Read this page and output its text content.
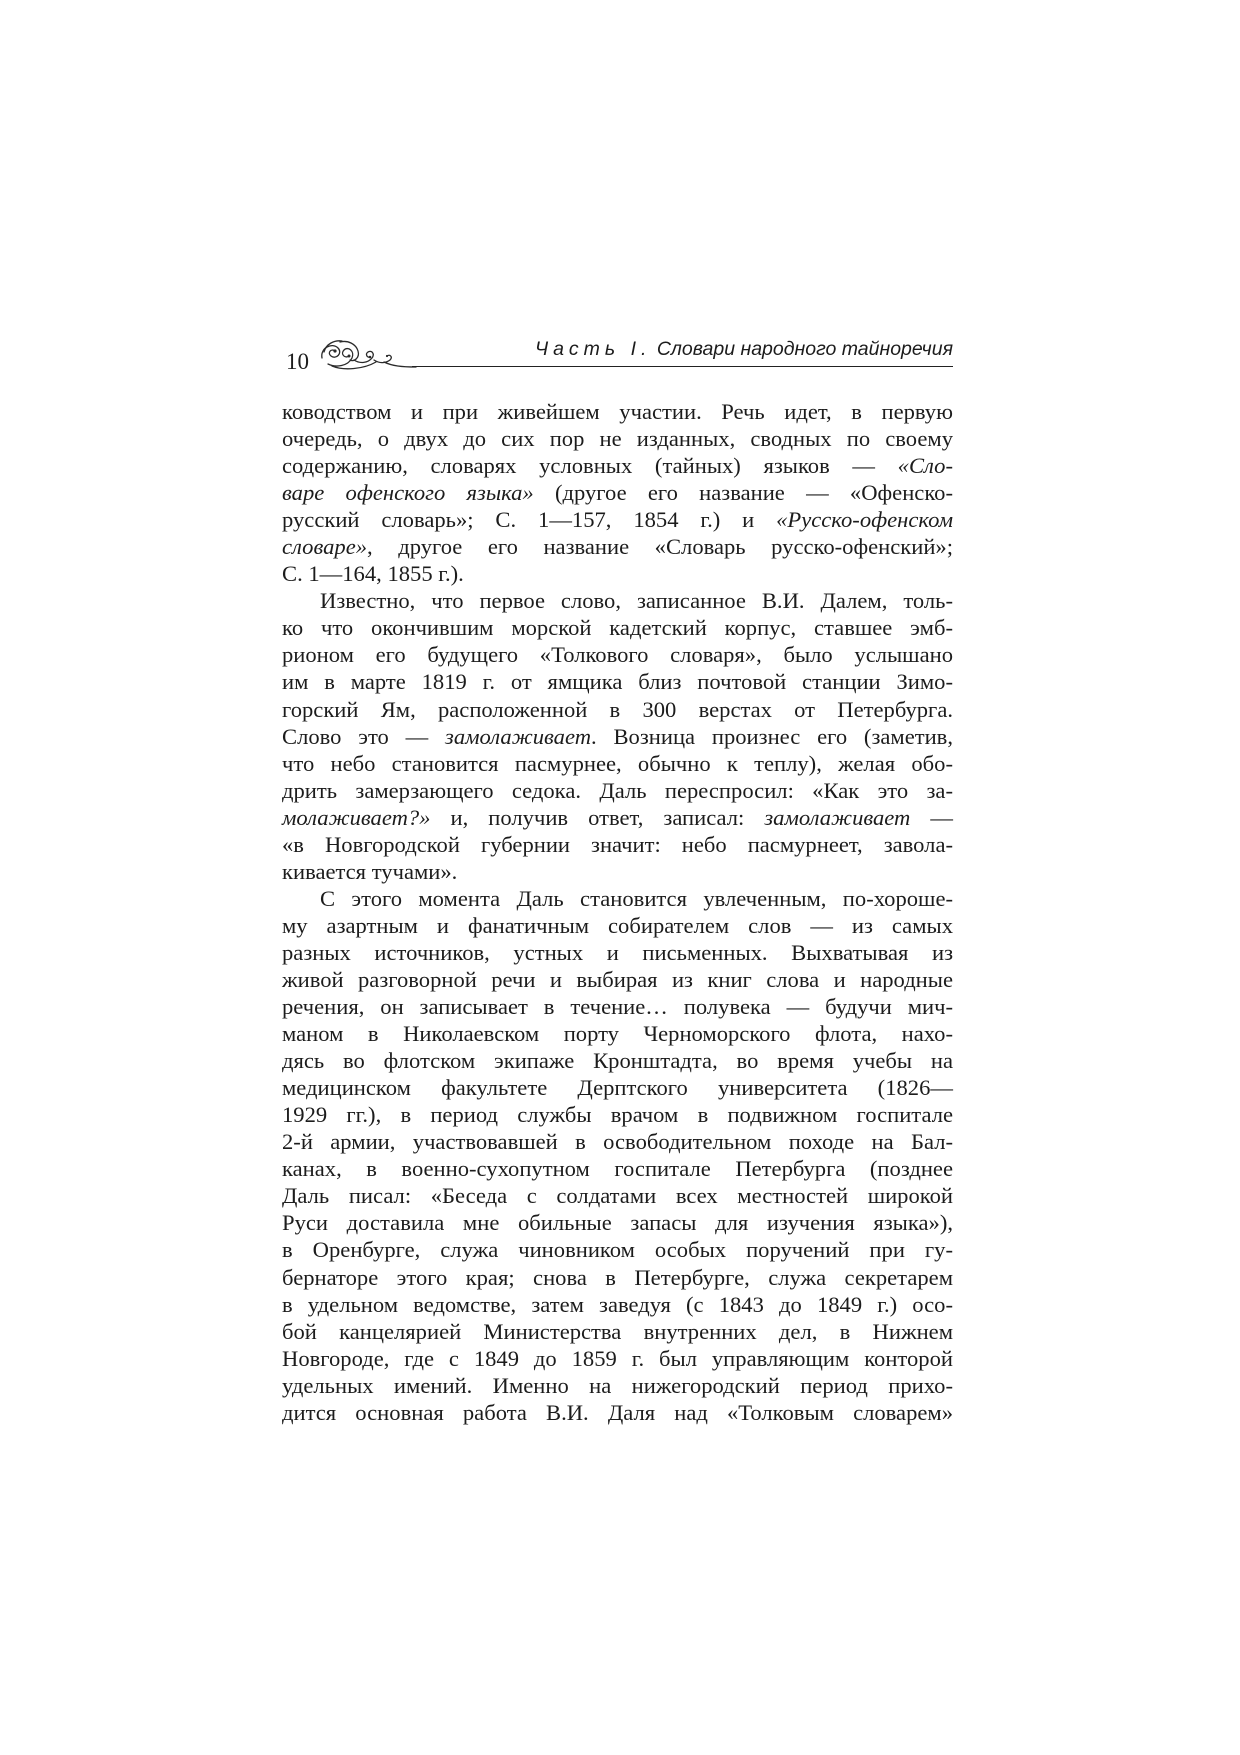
10	Часть I. Словари народного тайноречия
ководством и при живейшем участии. Речь идет, в первую
очередь, о двух до сих пор не изданных, сводных по своему
содержанию, словарях условных (тайных) языков — «Сло-
варе офенского языка» (другое его название — «Офенско-
русский словарь»; С. 1—157, 1854 г.) и «Русско-офенском
словаре», другое его название «Словарь русско-офенский»;
С. 1—164, 1855 г.).
Известно, что первое слово, записанное В.И. Далем, толь-
ко что окончившим морской кадетский корпус, ставшее эмб-
рионом его будущего «Толкового словаря», было услышано
им в марте 1819 г. от ямщика близ почтовой станции Зимо-
горский Ям, расположенной в 300 верстах от Петербурга.
Слово это — замолаживает. Возница произнес его (заметив,
что небо становится пасмурнее, обычно к теплу), желая обо-
дрить замерзающего седока. Даль переспросил: «Как это за-
молаживает?» и, получив ответ, записал: замолаживает —
«в Новгородской губернии значит: небо пасмурнеет, завола-
кивается тучами».
С этого момента Даль становится увлеченным, по-хороше-
му азартным и фанатичным собирателем слов — из самых
разных источников, устных и письменных. Выхватывая из
живой разговорной речи и выбирая из книг слова и народные
речения, он записывает в течение… полувека — будучи мич-
маном в Николаевском порту Черноморского флота, нахо-
дясь во флотском экипаже Кронштадта, во время учебы на
медицинском факультете Дерптского университета (1826—
1929 гг.), в период службы врачом в подвижном госпитале
2-й армии, участвовавшей в освободительном походе на Бал-
канах, в военно-сухопутном госпитале Петербурга (позднее
Даль писал: «Беседа с солдатами всех местностей широкой
Руси доставила мне обильные запасы для изучения языка»),
в Оренбурге, служа чиновником особых поручений при гу-
бернаторе этого края; снова в Петербурге, служа секретарем
в удельном ведомстве, затем заведуя (с 1843 до 1849 г.) осо-
бой канцелярией Министерства внутренних дел, в Нижнем
Новгороде, где с 1849 до 1859 г. был управляющим конторой
удельных имений. Именно на нижегородский период прихо-
дится основная работа В.И. Даля над «Толковым словарем»
